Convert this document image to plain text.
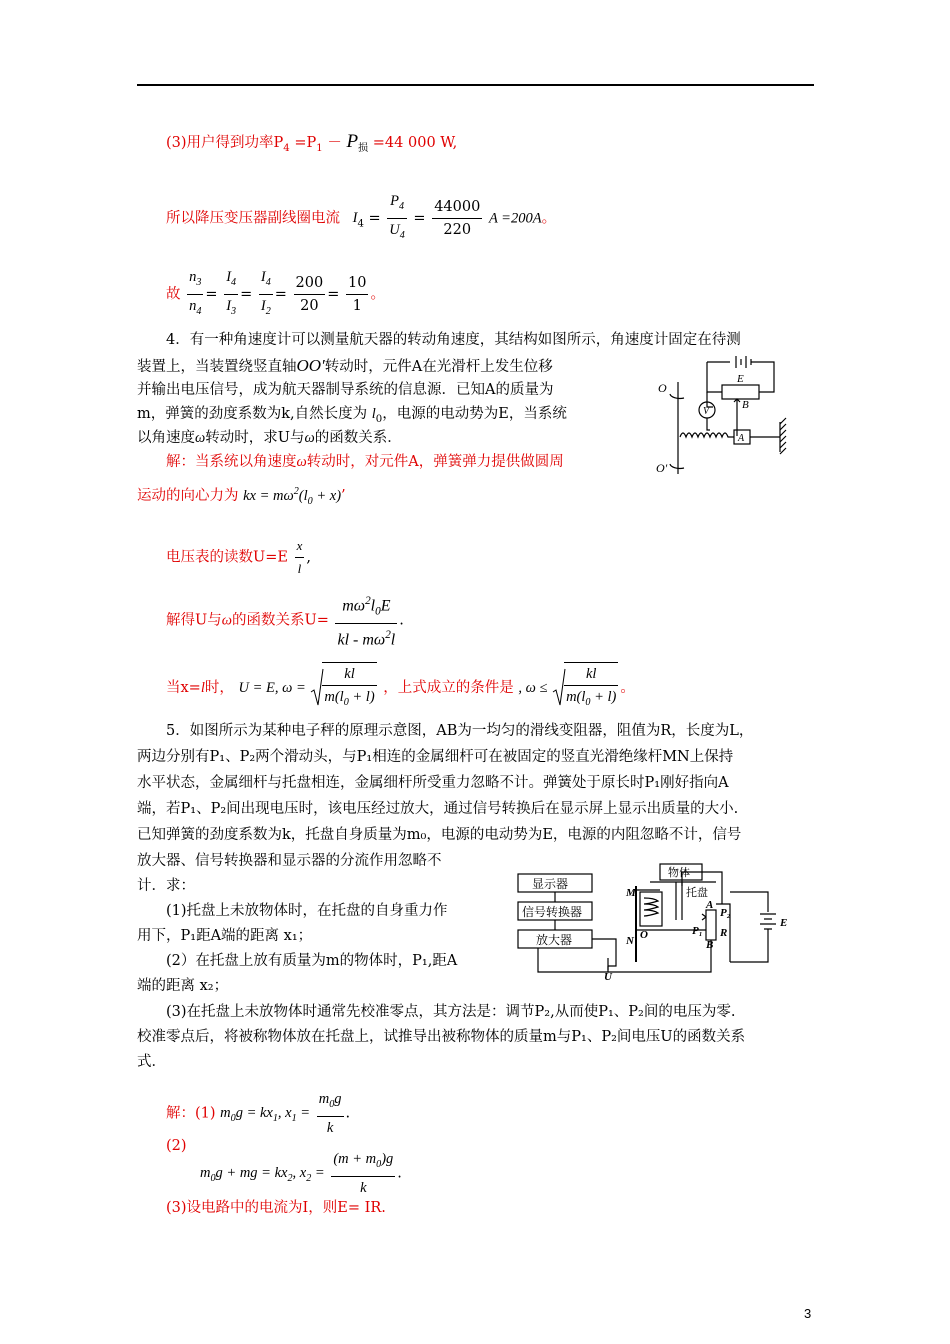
(3)用户得到功率$P_4 =P_1 - P_损 =44$ 000 W,
所以降压变压器副线圈电流 $I_4 = \frac{P_4}{U_4} = \frac{44000}{220}$ A =200A。
故 $\frac{n_3}{n_4} = \frac{I_4}{I_3} = \frac{I_4}{I_2} = \frac{200}{20} = \frac{10}{1}$ 。
4．有一种角速度计可以测量航天器的转动角速度，其结构如图所示，角速度计固定在待测
装置上，当装置绕竖直轴OO′转动时，元件A在光滑杆上发生位移
并输出电压信号，成为航天器制导系统的信息源．已知A的质量为
m，弹簧的劲度系数为k,自然长度为 $l_0$，电源的电动势为E，当系统
以角速度ω转动时，求U与ω的函数关系．
解：当系统以角速度ω转动时，对元件A，弹簧弹力提供做圆周
运动的向心力为 kx = $m\omega^2(l_0 + x)$’
电压表的读数$U=E \frac{x}{l}$ ,
解得U与ω的函数关系$U= \frac{m\omega^2l_0E}{kl - m\omega^2l}$ .
当x=l时， U = E, $\omega = \frac{kl}{m(l_0 + l)}$ ，上式成立的条件是 , $\omega \le \frac{kl}{m(l_0 + l)}$ 。
E
V
B
A
O
O'
5．如图所示为某种电子秤的原理示意图，AB为一均匀的滑线变阻器，阻值为R，长度为L，
两边分别有P₁、P₂两个滑动头，与P₁相连的金属细杆可在被固定的竖直光滑绝缘杆MN上保持
水平状态，金属细杆与托盘相连，金属细杆所受重力忽略不计。弹簧处于原长时P₁刚好指向A
端，若P₁、P₂间出现电压时，该电压经过放大，通过信号转换后在显示屏上显示出质量的大小.
已知弹簧的劲度系数为k，托盘自身质量为m₀，电源的电动势为E，电源的内阻忽略不计，信号
放大器、信号转换器和显示器的分流作用忽略不
计．求：
(1)托盘上未放物体时，在托盘的自身重力作
用下，P₁距A端的距离 x₁；
(2）在托盘上放有质量为m的物体时，P₁,距A
端的距离 x₂；
(3)在托盘上未放物体时通常先校准零点，其方法是：调节P₂,从而使P₁、P₂间的电压为零.
校准零点后，将被称物体放在托盘上，试推导出被称物体的质量m与P₁、P₂间电压U的函数关系
式．
显示器
信号转换器
放大器
物体
托盘
M
N O
A
B
P₁
P₂
R
E
U
解：(1) $m_0g = kx_1$, $x_1 = \frac{m_0g}{k}$ .
(2)
$m_0g$ + mg = $kx_2$, $x_2 = \frac{(m + m_0)g}{k}$ .
(3)设电路中的电流为I，则E= IR.
3
